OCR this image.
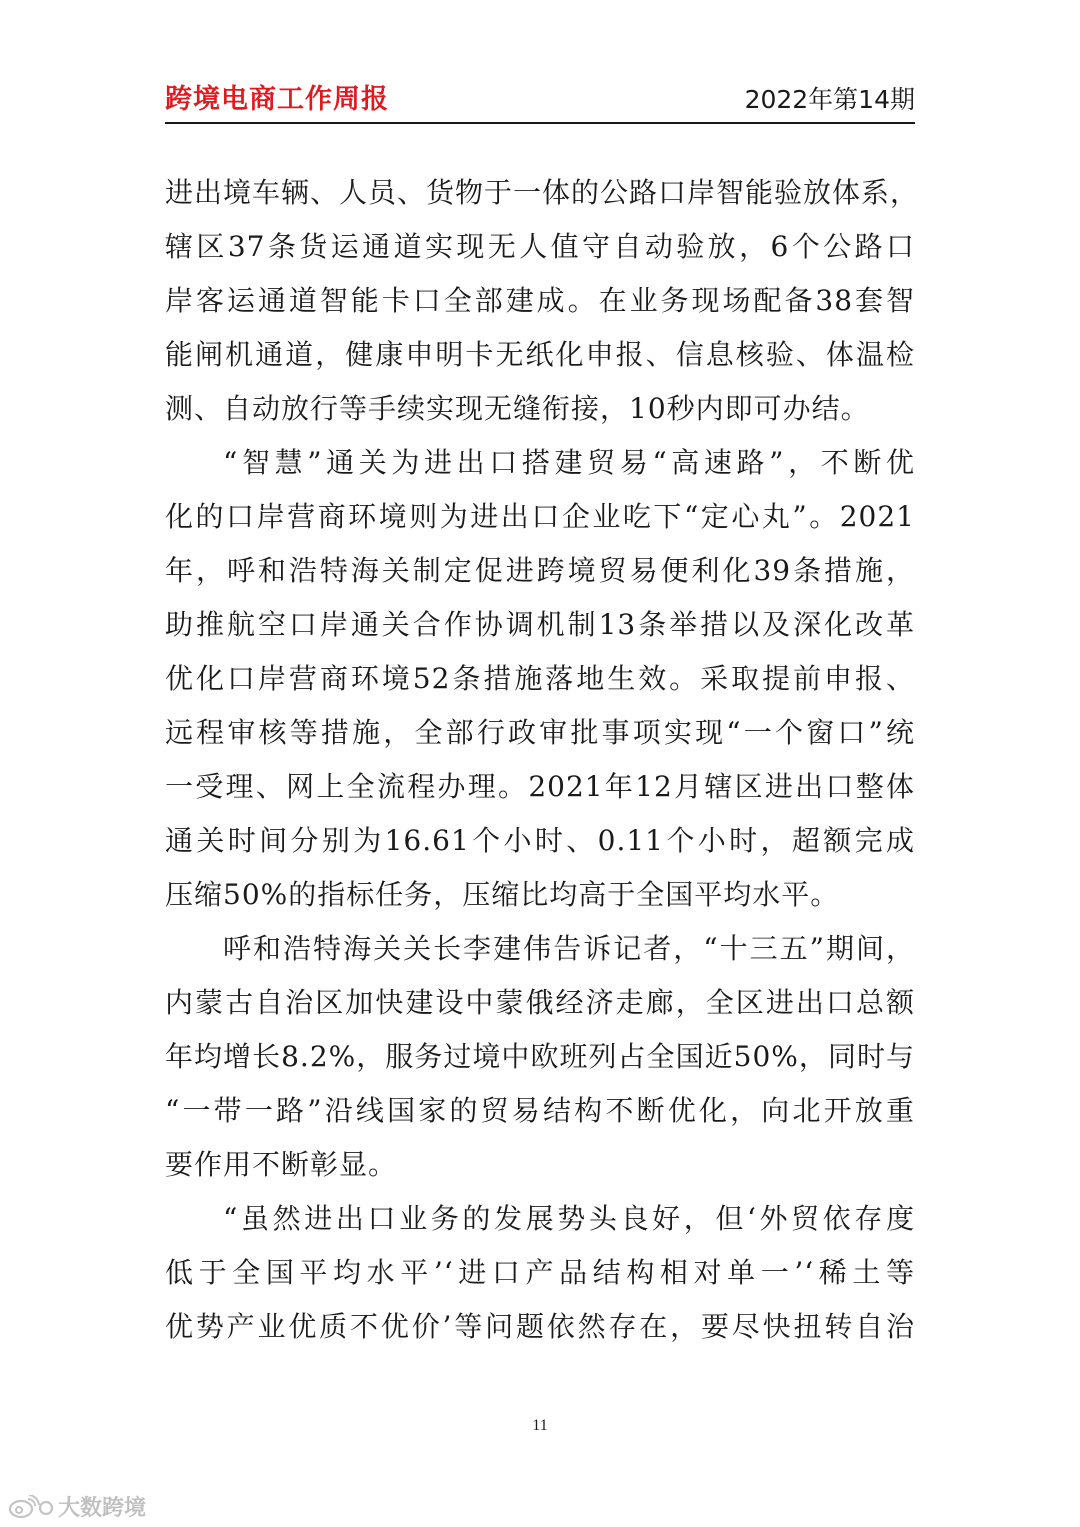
跨境电商工作周报	2022年第14期
进出境车辆、人员、货物于一体的公路口岸智能验放体系，
辖区37条货运通道实现无人值守自动验放，6个公路口
岸客运通道智能卡口全部建成。在业务现场配备38套智
能闸机通道，健康申明卡无纸化申报、信息核验、体温检
测、自动放行等手续实现无缝衔接，10秒内即可办结。
“智慧”通关为进出口搭建贸易“高速路”，不断优
化的口岸营商环境则为进出口企业吃下“定心丸”。2021
年，呼和浩特海关制定促进跨境贸易便利化39条措施，
助推航空口岸通关合作协调机制13条举措以及深化改革
优化口岸营商环境52条措施落地生效。采取提前申报、
远程审核等措施，全部行政审批事项实现“一个窗口”统
一受理、网上全流程办理。2021年12月辖区进出口整体
通关时间分别为16.61个小时、0.11个小时，超额完成
压缩50%的指标任务，压缩比均高于全国平均水平。
呼和浩特海关关长李建伟告诉记者，“十三五”期间，
内蒙古自治区加快建设中蒙俄经济走廊，全区进出口总额
年均增长8.2%，服务过境中欧班列占全国近50%，同时与
“一带一路”沿线国家的贸易结构不断优化，向北开放重
要作用不断彰显。
“虽然进出口业务的发展势头良好，但‘外贸依存度
低于全国平均水平’‘进口产品结构相对单一’‘稀土等
优势产业优质不优价’等问题依然存在，要尽快扭转自治
11
大数跨境
